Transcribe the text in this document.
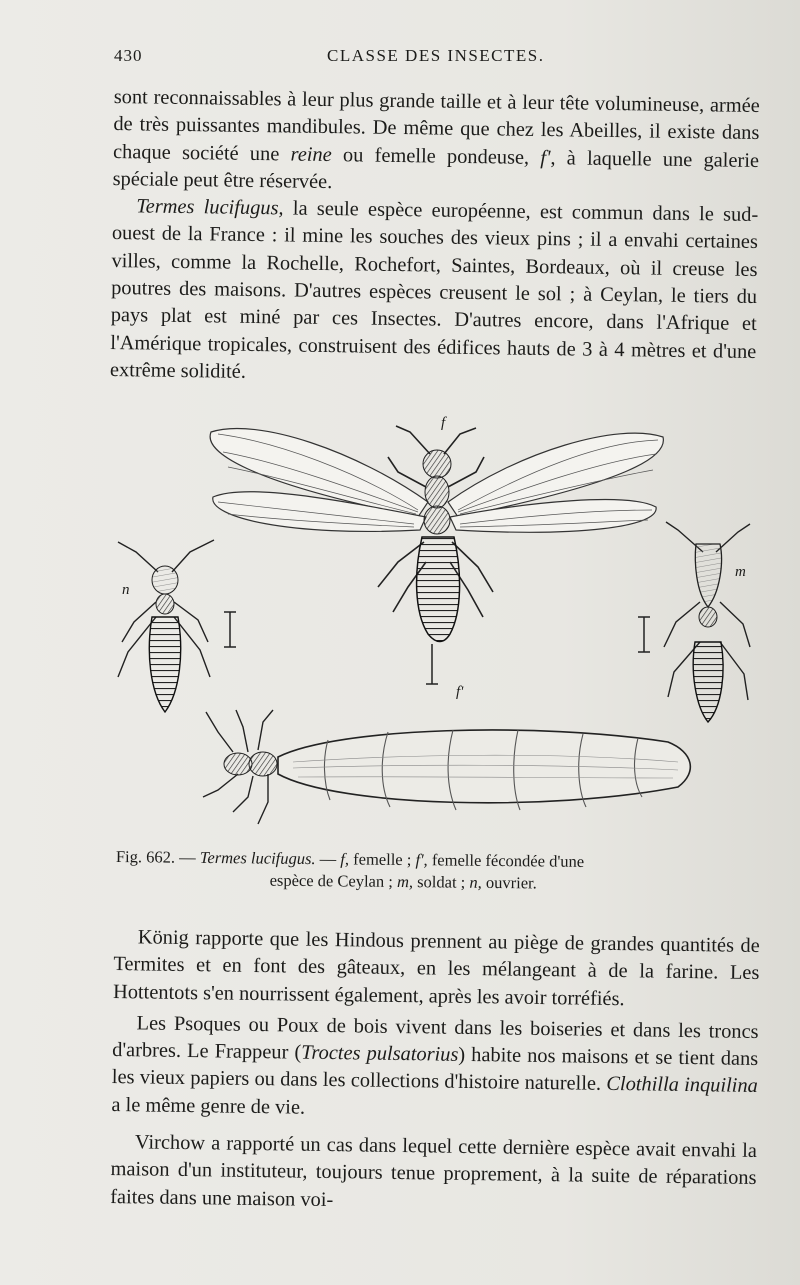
430	CLASSE DES INSECTES.

sont reconnaissables à leur plus grande taille et à leur tête volumineuse, armée de très puissantes mandibules. De même que chez les Abeilles, il existe dans chaque société une reine ou femelle pondeuse, f', à laquelle une galerie spéciale peut être réservée.

Termes lucifugus, la seule espèce européenne, est commun dans le sud-ouest de la France : il mine les souches des vieux pins ; il a envahi certaines villes, comme la Rochelle, Rochefort, Saintes, Bordeaux, où il creuse les poutres des maisons. D'autres espèces creusent le sol ; à Ceylan, le tiers du pays plat est miné par ces Insectes. D'autres encore, dans l'Afrique et l'Amérique tropicales, construisent des édifices hauts de 3 à 4 mètres et d'une extrême solidité.

f
n
m
f'
Fig. 662. — Termes lucifugus. — f, femelle ; f', femelle fécondée d'une
espèce de Ceylan ; m, soldat ; n, ouvrier.

König rapporte que les Hindous prennent au piège de grandes quantités de Termites et en font des gâteaux, en les mélangeant à de la farine. Les Hottentots s'en nourrissent également, après les avoir torréfiés.

Les Psoques ou Poux de bois vivent dans les boiseries et dans les troncs d'arbres. Le Frappeur (Troctes pulsatorius) habite nos maisons et se tient dans les vieux papiers ou dans les collections d'histoire naturelle. Clothilla inquilina a le même genre de vie.

Virchow a rapporté un cas dans lequel cette dernière espèce avait envahi la maison d'un instituteur, toujours tenue proprement, à la suite de réparations faites dans une maison voi-
